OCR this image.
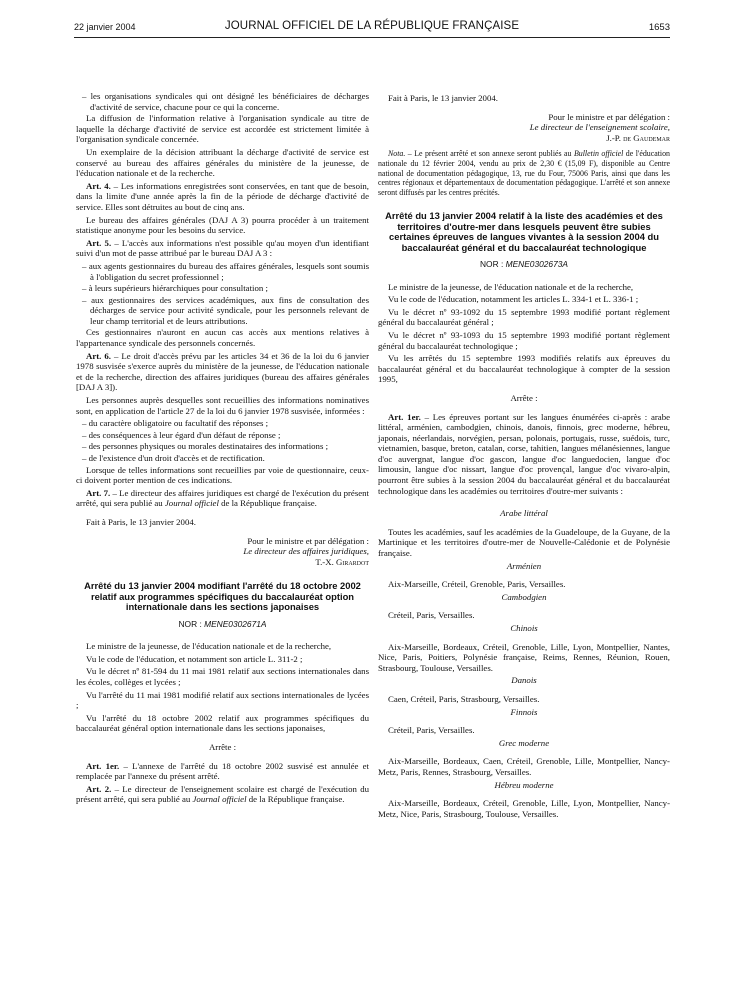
22 janvier 2004	JOURNAL OFFICIEL DE LA RÉPUBLIQUE FRANÇAISE	1653

– les organisations syndicales qui ont désigné les bénéficiaires de décharges d'activité de service, chacune pour ce qui la concerne.

La diffusion de l'information relative à l'organisation syndicale au titre de laquelle la décharge d'activité de service est accordée est strictement limitée à l'organisation syndicale concernée.

Un exemplaire de la décision attribuant la décharge d'activité de service est conservé au bureau des affaires générales du ministère de la jeunesse, de l'éducation nationale et de la recherche.

Art. 4. – Les informations enregistrées sont conservées, en tant que de besoin, dans la limite d'une année après la fin de la période de décharge d'activité de service. Elles sont détruites au bout de cinq ans.

Le bureau des affaires générales (DAJ A 3) pourra procéder à un traitement statistique anonyme pour les besoins du service.

Art. 5. – L'accès aux informations n'est possible qu'au moyen d'un identifiant suivi d'un mot de passe attribué par le bureau DAJ A 3 :

– aux agents gestionnaires du bureau des affaires générales, lesquels sont soumis à l'obligation du secret professionnel ;

– à leurs supérieurs hiérarchiques pour consultation ;

– aux gestionnaires des services académiques, aux fins de consultation des décharges de service pour activité syndicale, pour les personnels relevant de leur champ territorial et de leurs attributions.

Ces gestionnaires n'auront en aucun cas accès aux mentions relatives à l'appartenance syndicale des personnels concernés.

Art. 6. – Le droit d'accès prévu par les articles 34 et 36 de la loi du 6 janvier 1978 susvisée s'exerce auprès du ministère de la jeunesse, de l'éducation nationale et de la recherche, direction des affaires juridiques (bureau des affaires générales [DAJ A 3]).

Les personnes auprès desquelles sont recueillies des informations nominatives sont, en application de l'article 27 de la loi du 6 janvier 1978 susvisée, informées :

– du caractère obligatoire ou facultatif des réponses ;

– des conséquences à leur égard d'un défaut de réponse ;

– des personnes physiques ou morales destinataires des informations ;

– de l'existence d'un droit d'accès et de rectification.

Lorsque de telles informations sont recueillies par voie de questionnaire, ceux-ci doivent porter mention de ces indications.

Art. 7. – Le directeur des affaires juridiques est chargé de l'exécution du présent arrêté, qui sera publié au Journal officiel de la République française.

Fait à Paris, le 13 janvier 2004.

Pour le ministre et par délégation :

Le directeur des affaires juridiques,

T.-X. Girardot

Arrêté du 13 janvier 2004 modifiant l'arrêté du 18 octobre 2002 relatif aux programmes spécifiques du baccalauréat option internationale dans les sections japonaises

NOR : MENE0302671A

Le ministre de la jeunesse, de l'éducation nationale et de la recherche,

Vu le code de l'éducation, et notamment son article L. 311-2 ;

Vu le décret nº 81-594 du 11 mai 1981 relatif aux sections internationales dans les écoles, collèges et lycées ;

Vu l'arrêté du 11 mai 1981 modifié relatif aux sections internationales de lycées ;

Vu l'arrêté du 18 octobre 2002 relatif aux programmes spécifiques du baccalauréat général option internationale dans les sections japonaises,

Arrête :

Art. 1er. – L'annexe de l'arrêté du 18 octobre 2002 susvisé est annulée et remplacée par l'annexe du présent arrêté.

Art. 2. – Le directeur de l'enseignement scolaire est chargé de l'exécution du présent arrêté, qui sera publié au Journal officiel de la République française.

Fait à Paris, le 13 janvier 2004.

Pour le ministre et par délégation :

Le directeur de l'enseignement scolaire,

J.-P. de Gaudemar

Nota. – Le présent arrêté et son annexe seront publiés au Bulletin officiel de l'éducation nationale du 12 février 2004, vendu au prix de 2,30 € (15,09 F), disponible au Centre national de documentation pédagogique, 13, rue du Four, 75006 Paris, ainsi que dans les centres régionaux et départementaux de documentation pédagogique. L'arrêté et son annexe seront diffusés par les centres précités.

Arrêté du 13 janvier 2004 relatif à la liste des académies et des territoires d'outre-mer dans lesquels peuvent être subies certaines épreuves de langues vivantes à la session 2004 du baccalauréat général et du baccalauréat technologique

NOR : MENE0302673A

Le ministre de la jeunesse, de l'éducation nationale et de la recherche,

Vu le code de l'éducation, notamment les articles L. 334-1 et L. 336-1 ;

Vu le décret nº 93-1092 du 15 septembre 1993 modifié portant règlement général du baccalauréat général ;

Vu le décret nº 93-1093 du 15 septembre 1993 modifié portant règlement général du baccalauréat technologique ;

Vu les arrêtés du 15 septembre 1993 modifiés relatifs aux épreuves du baccalauréat général et du baccalauréat technologique à compter de la session 1995,

Arrête :

Art. 1er. – Les épreuves portant sur les langues énumérées ci-après : arabe littéral, arménien, cambodgien, chinois, danois, finnois, grec moderne, hébreu, japonais, néerlandais, norvégien, persan, polonais, portugais, russe, suédois, turc, vietnamien, basque, breton, catalan, corse, tahitien, langues mélanésiennes, langue d'oc auvergnat, langue d'oc gascon, langue d'oc languedocien, langue d'oc limousin, langue d'oc nissart, langue d'oc provençal, langue d'oc vivaro-alpin, pourront être subies à la session 2004 du baccalauréat général et du baccalauréat technologique dans les académies ou territoires d'outre-mer suivants :

Arabe littéral

Toutes les académies, sauf les académies de la Guadeloupe, de la Guyane, de la Martinique et les territoires d'outre-mer de Nouvelle-Calédonie et de Polynésie française.

Arménien

Aix-Marseille, Créteil, Grenoble, Paris, Versailles.

Cambodgien

Créteil, Paris, Versailles.

Chinois

Aix-Marseille, Bordeaux, Créteil, Grenoble, Lille, Lyon, Montpellier, Nantes, Nice, Paris, Poitiers, Polynésie française, Reims, Rennes, Réunion, Rouen, Strasbourg, Toulouse, Versailles.

Danois

Caen, Créteil, Paris, Strasbourg, Versailles.

Finnois

Créteil, Paris, Versailles.

Grec moderne

Aix-Marseille, Bordeaux, Caen, Créteil, Grenoble, Lille, Montpellier, Nancy-Metz, Paris, Rennes, Strasbourg, Versailles.

Hébreu moderne

Aix-Marseille, Bordeaux, Créteil, Grenoble, Lille, Lyon, Montpellier, Nancy-Metz, Nice, Paris, Strasbourg, Toulouse, Versailles.
